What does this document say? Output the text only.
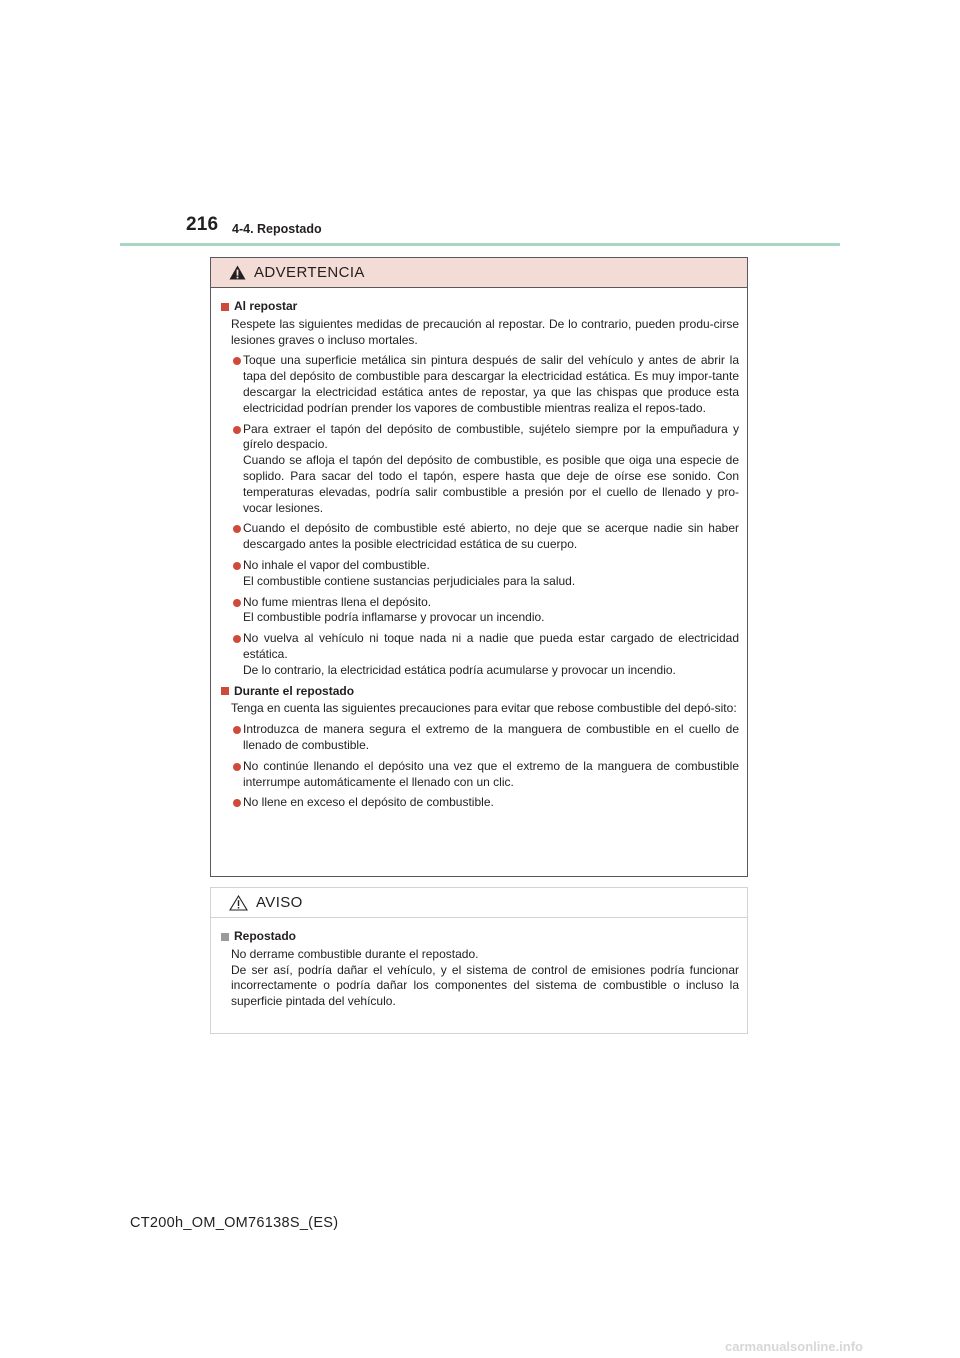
216 4-4. Repostado
ADVERTENCIA
Al repostar
Respete las siguientes medidas de precaución al repostar. De lo contrario, pueden produ-cirse lesiones graves o incluso mortales.
Toque una superficie metálica sin pintura después de salir del vehículo y antes de abrir la tapa del depósito de combustible para descargar la electricidad estática. Es muy impor-tante descargar la electricidad estática antes de repostar, ya que las chispas que produce esta electricidad podrían prender los vapores de combustible mientras realiza el repos-tado.
Para extraer el tapón del depósito de combustible, sujételo siempre por la empuñadura y gírelo despacio.
Cuando se afloja el tapón del depósito de combustible, es posible que oiga una especie de soplido. Para sacar del todo el tapón, espere hasta que deje de oírse ese sonido. Con temperaturas elevadas, podría salir combustible a presión por el cuello de llenado y pro-vocar lesiones.
Cuando el depósito de combustible esté abierto, no deje que se acerque nadie sin haber descargado antes la posible electricidad estática de su cuerpo.
No inhale el vapor del combustible.
El combustible contiene sustancias perjudiciales para la salud.
No fume mientras llena el depósito.
El combustible podría inflamarse y provocar un incendio.
No vuelva al vehículo ni toque nada ni a nadie que pueda estar cargado de electricidad estática.
De lo contrario, la electricidad estática podría acumularse y provocar un incendio.
Durante el repostado
Tenga en cuenta las siguientes precauciones para evitar que rebose combustible del depó-sito:
Introduzca de manera segura el extremo de la manguera de combustible en el cuello de llenado de combustible.
No continúe llenando el depósito una vez que el extremo de la manguera de combustible interrumpe automáticamente el llenado con un clic.
No llene en exceso el depósito de combustible.
AVISO
Repostado
No derrame combustible durante el repostado.
De ser así, podría dañar el vehículo, y el sistema de control de emisiones podría funcionar incorrectamente o podría dañar los componentes del sistema de combustible o incluso la superficie pintada del vehículo.
CT200h_OM_OM76138S_(ES)
carmanualsonline.info
